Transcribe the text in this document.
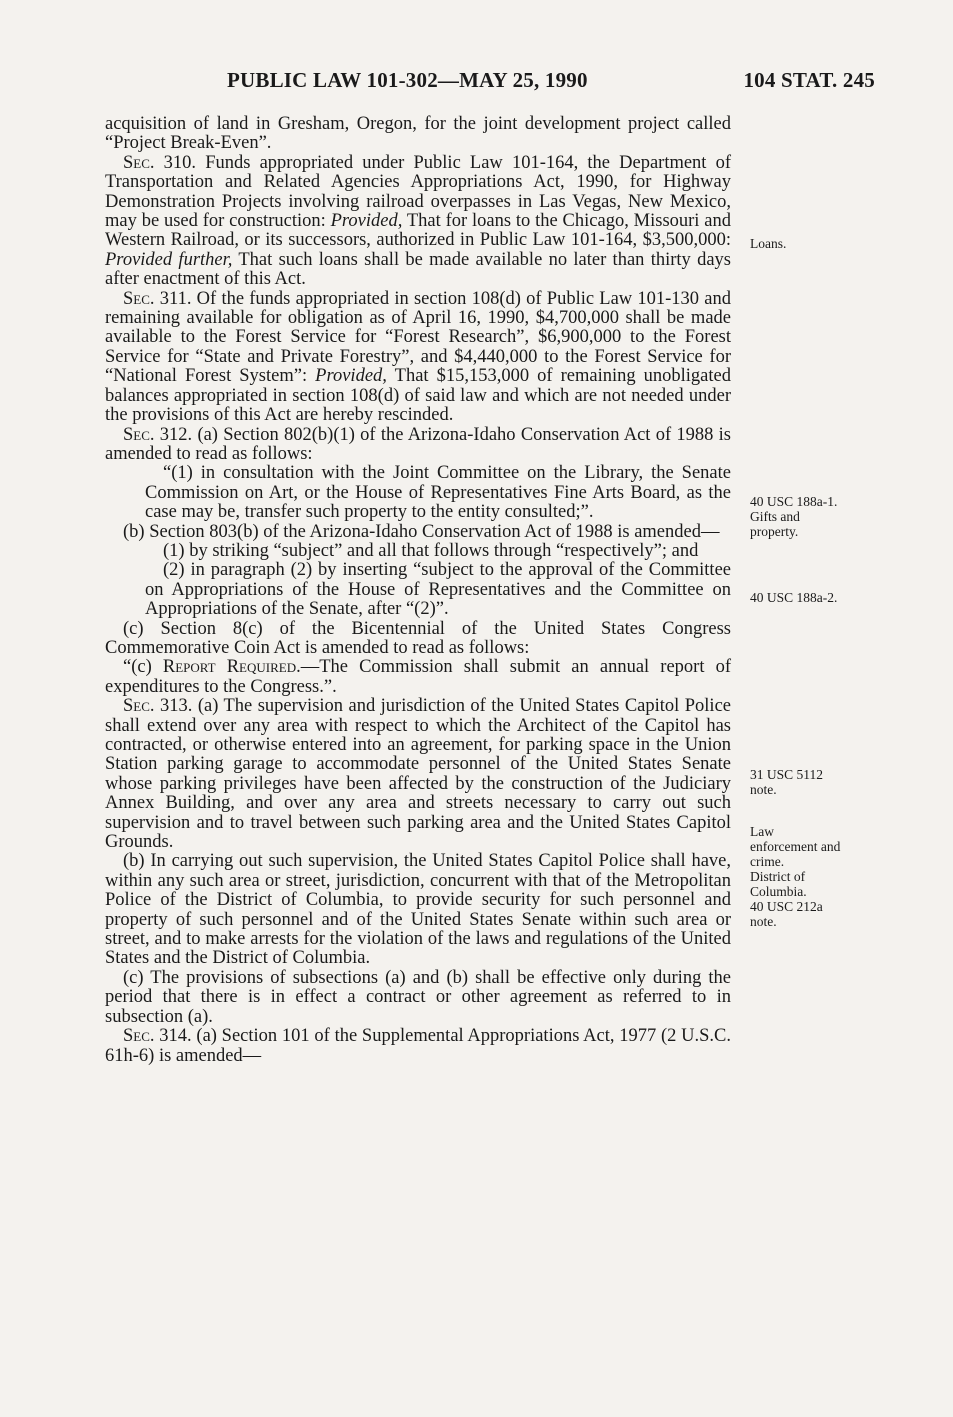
PUBLIC LAW 101-302—MAY 25, 1990	104 STAT. 245

acquisition of land in Gresham, Oregon, for the joint development project called “Project Break-Even”.

Sec. 310. Funds appropriated under Public Law 101-164, the Department of Transportation and Related Agencies Appropriations Act, 1990, for Highway Demonstration Projects involving railroad overpasses in Las Vegas, New Mexico, may be used for construction: Provided, That for loans to the Chicago, Missouri and Western Railroad, or its successors, authorized in Public Law 101-164, $3,500,000: Provided further, That such loans shall be made available no later than thirty days after enactment of this Act.

Sec. 311. Of the funds appropriated in section 108(d) of Public Law 101-130 and remaining available for obligation as of April 16, 1990, $4,700,000 shall be made available to the Forest Service for “Forest Research”, $6,900,000 to the Forest Service for “State and Private Forestry”, and $4,440,000 to the Forest Service for “National Forest System”: Provided, That $15,153,000 of remaining unobligated balances appropriated in section 108(d) of said law and which are not needed under the provisions of this Act are hereby rescinded.

Sec. 312. (a) Section 802(b)(1) of the Arizona-Idaho Conservation Act of 1988 is amended to read as follows:

“(1) in consultation with the Joint Committee on the Library, the Senate Commission on Art, or the House of Representatives Fine Arts Board, as the case may be, transfer such property to the entity consulted;”.

(b) Section 803(b) of the Arizona-Idaho Conservation Act of 1988 is amended—

(1) by striking “subject” and all that follows through “respectively”; and

(2) in paragraph (2) by inserting “subject to the approval of the Committee on Appropriations of the House of Representatives and the Committee on Appropriations of the Senate, after “(2)”.

(c) Section 8(c) of the Bicentennial of the United States Congress Commemorative Coin Act is amended to read as follows:

“(c) Report Required.—The Commission shall submit an annual report of expenditures to the Congress.”.

Sec. 313. (a) The supervision and jurisdiction of the United States Capitol Police shall extend over any area with respect to which the Architect of the Capitol has contracted, or otherwise entered into an agreement, for parking space in the Union Station parking garage to accommodate personnel of the United States Senate whose parking privileges have been affected by the construction of the Judiciary Annex Building, and over any area and streets necessary to carry out such supervision and to travel between such parking area and the United States Capitol Grounds.

(b) In carrying out such supervision, the United States Capitol Police shall have, within any such area or street, jurisdiction, concurrent with that of the Metropolitan Police of the District of Columbia, to provide security for such personnel and property of such personnel and of the United States Senate within such area or street, and to make arrests for the violation of the laws and regulations of the United States and the District of Columbia.

(c) The provisions of subsections (a) and (b) shall be effective only during the period that there is in effect a contract or other agreement as referred to in subsection (a).

Sec. 314. (a) Section 101 of the Supplemental Appropriations Act, 1977 (2 U.S.C. 61h-6) is amended—

Loans.
40 USC 188a-1.
Gifts and
property.
40 USC 188a-2.
31 USC 5112
note.
Law
enforcement and
crime.
District of
Columbia.
40 USC 212a
note.
